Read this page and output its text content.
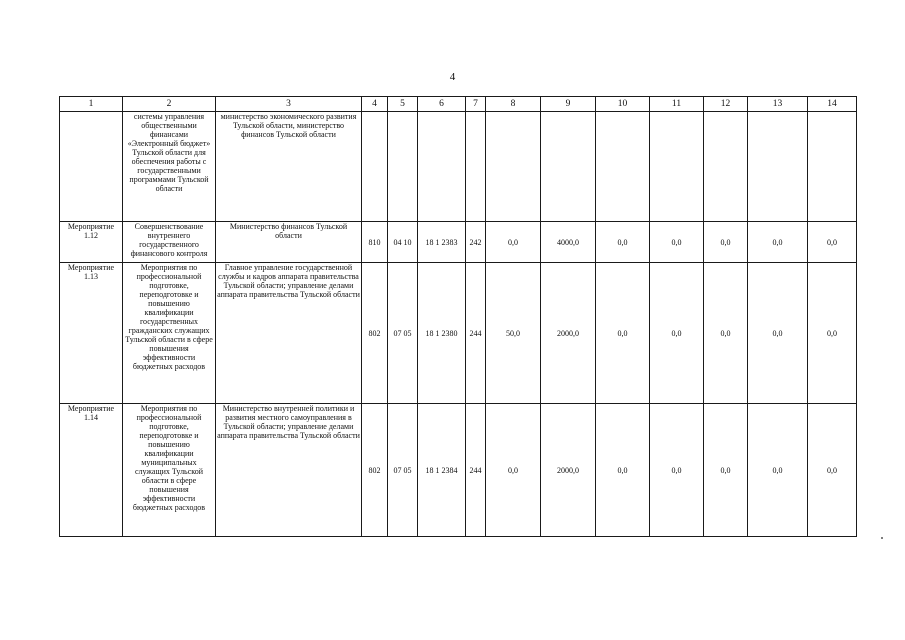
4
1	2	3	4	5	6	7	8	9	10	11	12	13	14
	системы управления общественными финансами «Электронный бюджет» Тульской области для обеспечения работы с государственными программами Тульской области	министерство экономического развития Тульской области, министерство финансов Тульской области											
Мероприятие 1.12	Совершенствование внутреннего государственного финансового контроля	Министерство финансов Тульской области	810	04 10	18 1 2383	242	0,0	4000,0	0,0	0,0	0,0	0,0	0,0
Мероприятие 1.13	Мероприятия по профессиональной подготовке, переподготовке и повышению квалификации государственных гражданских служащих Тульской области в сфере повышения эффективности бюджетных расходов	Главное управление государственной службы и кадров аппарата правительства Тульской области; управление делами аппарата правительства Тульской области	802	07 05	18 1 2380	244	50,0	2000,0	0,0	0,0	0,0	0,0	0,0
Мероприятие 1.14	Мероприятия по профессиональной подготовке, переподготовке и повышению квалификации муниципальных служащих Тульской области в сфере повышения эффективности бюджетных расходов	Министерство внутренней политики и развития местного самоуправления в Тульской области; управление делами аппарата правительства Тульской области	802	07 05	18 1 2384	244	0,0	2000,0	0,0	0,0	0,0	0,0	0,0
